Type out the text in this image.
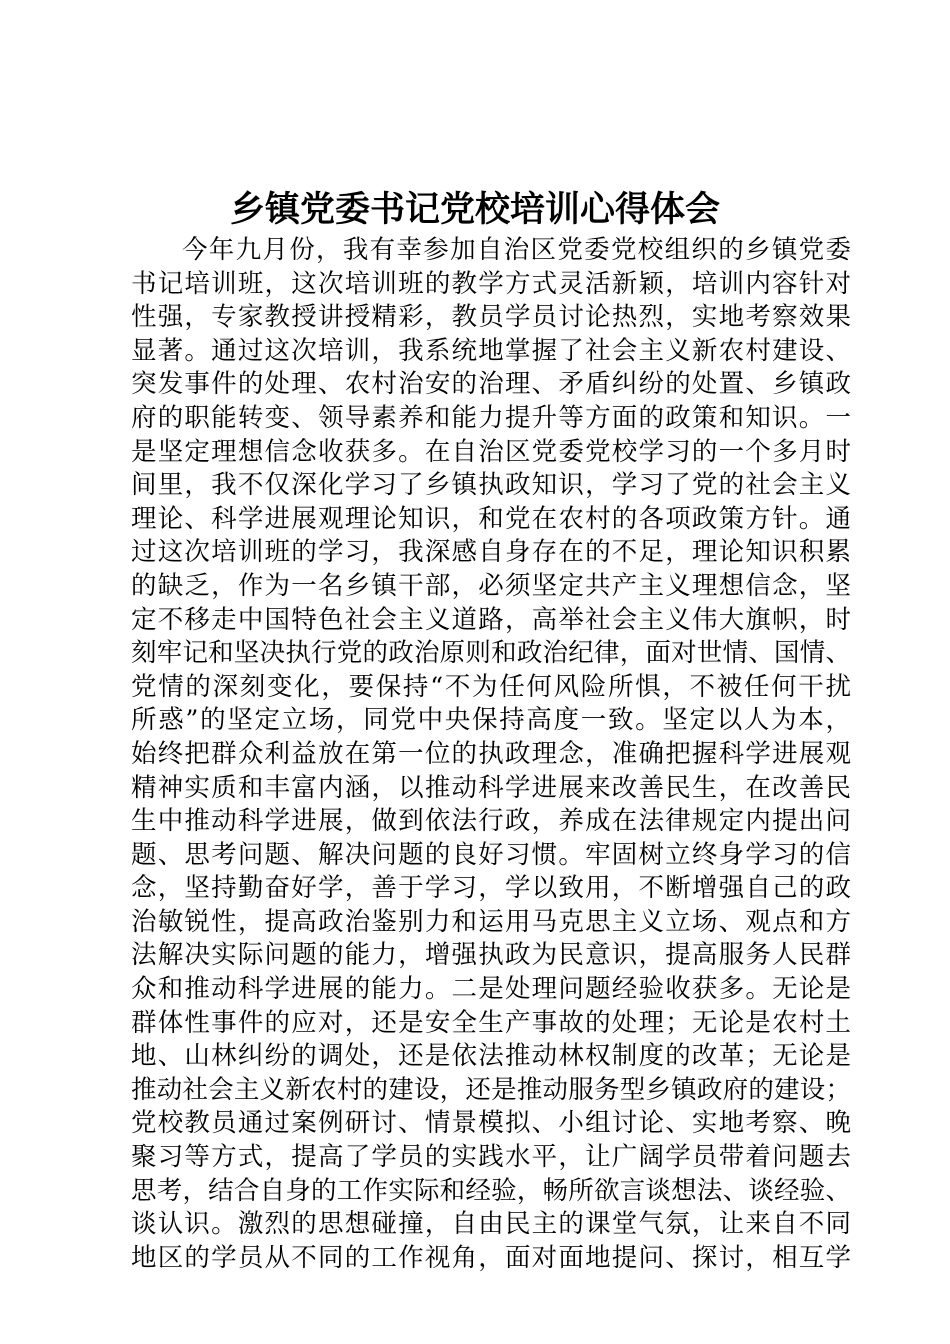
乡镇党委书记党校培训心得体会
今年九月份，我有幸参加自治区党委党校组织的乡镇党委
书记培训班，这次培训班的教学方式灵活新颖，培训内容针对
性强，专家教授讲授精彩，教员学员讨论热烈，实地考察效果
显著。通过这次培训，我系统地掌握了社会主义新农村建设、
突发事件的处理、农村治安的治理、矛盾纠纷的处置、乡镇政
府的职能转变、领导素养和能力提升等方面的政策和知识。一
是坚定理想信念收获多。在自治区党委党校学习的一个多月时
间里，我不仅深化学习了乡镇执政知识，学习了党的社会主义
理论、科学进展观理论知识，和党在农村的各项政策方针。通
过这次培训班的学习，我深感自身存在的不足，理论知识积累
的缺乏，作为一名乡镇干部，必须坚定共产主义理想信念，坚
定不移走中国特色社会主义道路，高举社会主义伟大旗帜，时
刻牢记和坚决执行党的政治原则和政治纪律，面对世情、国情、
党情的深刻变化，要保持“不为任何风险所惧，不被任何干扰
所惑”的坚定立场，同党中央保持高度一致。坚定以人为本，
始终把群众利益放在第一位的执政理念，准确把握科学进展观
精神实质和丰富内涵，以推动科学进展来改善民生，在改善民
生中推动科学进展，做到依法行政，养成在法律规定内提出问
题、思考问题、解决问题的良好习惯。牢固树立终身学习的信
念，坚持勤奋好学，善于学习，学以致用，不断增强自己的政
治敏锐性，提高政治鉴别力和运用马克思主义立场、观点和方
法解决实际问题的能力，增强执政为民意识，提高服务人民群
众和推动科学进展的能力。二是处理问题经验收获多。无论是
群体性事件的应对，还是安全生产事故的处理；无论是农村土
地、山林纠纷的调处，还是依法推动林权制度的改革；无论是
推动社会主义新农村的建设，还是推动服务型乡镇政府的建设；
党校教员通过案例研讨、情景模拟、小组讨论、实地考察、晚
聚习等方式，提高了学员的实践水平，让广阔学员带着问题去
思考，结合自身的工作实际和经验，畅所欲言谈想法、谈经验、
谈认识。激烈的思想碰撞，自由民主的课堂气氛，让来自不同
地区的学员从不同的工作视角，面对面地提问、探讨，相互学
